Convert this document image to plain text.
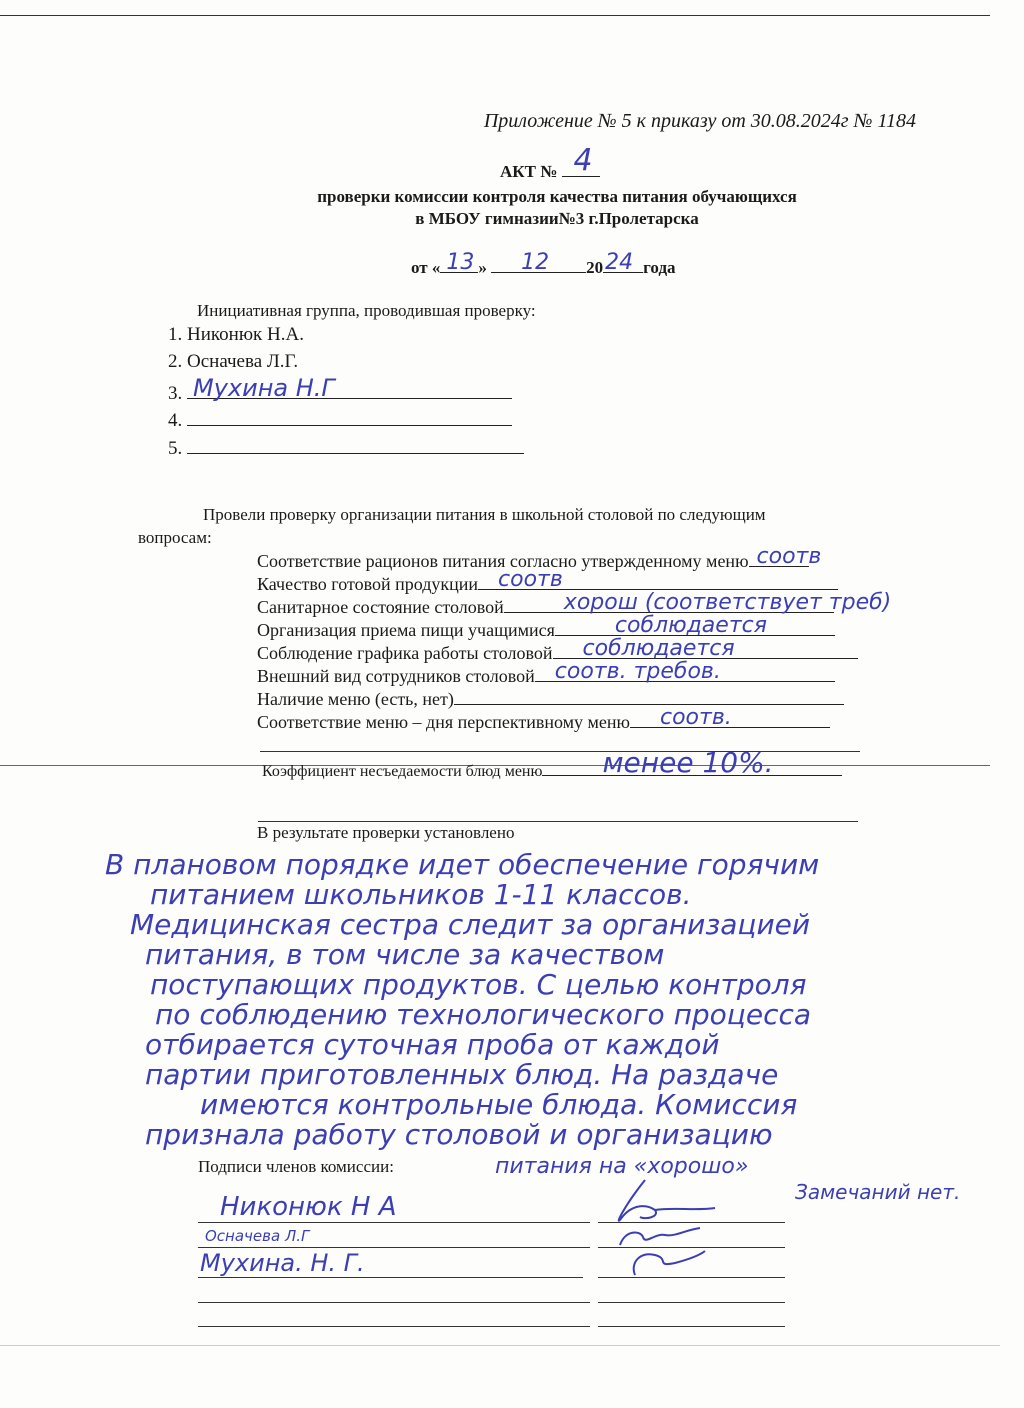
Приложение № 5 к приказу от 30.08.2024г № 1184
АКТ № 4
проверки комиссии контроля качества питания обучающихся
в МБОУ гимназии№3 г.Пролетарска
от « 13 » 12 20 24 года
Инициативная группа, проводившая проверку:
1. Никонюк Н.А.
2. Осначева Л.Г.
3. Мухина Н.Г
4.
5.
Провели проверку организации питания в школьной столовой по следующим
вопросам:
Соответствие рационов питания согласно утвержденному меню соотв
Качество готовой продукции соотв
Санитарное состояние столовой	хорош (соответствует треб)
Организация приема пищи учащимися	соблюдается
Соблюдение графика работы столовой соблюдается
Внешний вид сотрудников столовой соотв. требов.
Наличие меню (есть, нет)
Соответствие меню – дня перспективному меню соотв.
Коэффициент несъедаемости блюд меню менее 10%.
В результате проверки установлено
В плановом порядке идет обеспечение горячим
питанием школьников 1-11 классов.
Медицинская сестра следит за организацией
питания, в том числе за качеством
поступающих продуктов. С целью контроля
по соблюдению технологического процесса
отбирается суточная проба от каждой
партии приготовленных блюд. На раздаче
имеются контрольные блюда. Комиссия
признала работу столовой и организацию
питания на «хорошо»
Замечаний нет.
Подписи членов комиссии:
Никонюк Н А
Осначева Л.Г
Мухина. Н. Г.
